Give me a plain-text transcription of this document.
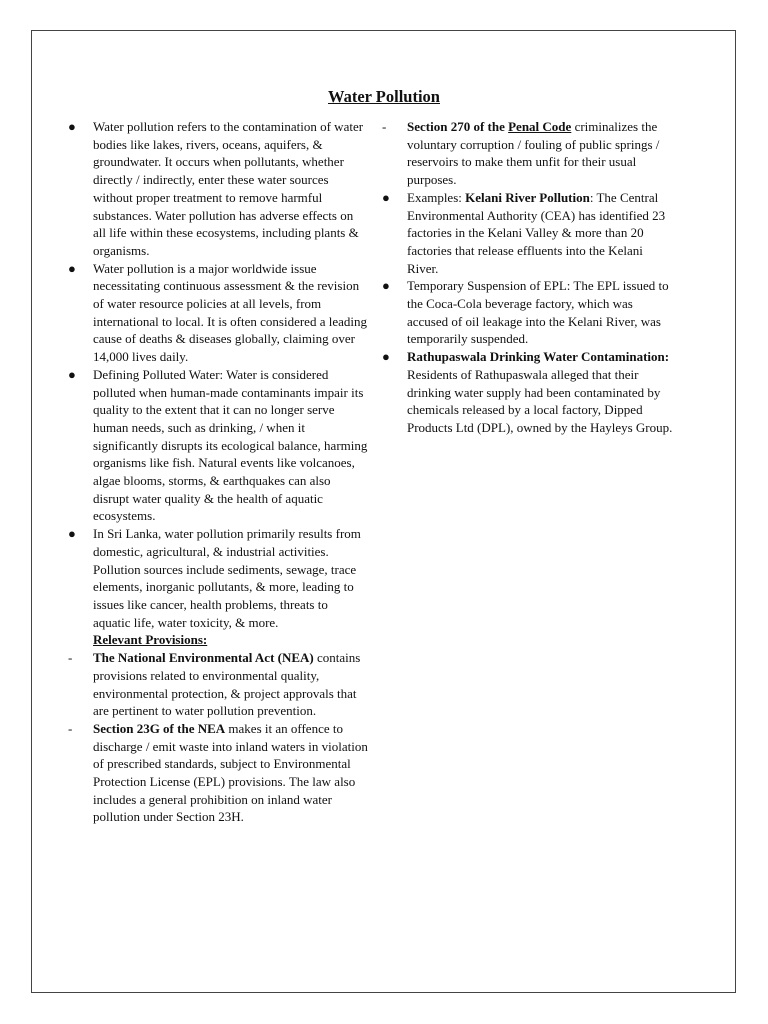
Water Pollution
●	Water pollution refers to the contamination of water bodies like lakes, rivers, oceans, aquifers, & groundwater. It occurs when pollutants, whether directly / indirectly, enter these water sources without proper treatment to remove harmful substances. Water pollution has adverse effects on all life within these ecosystems, including plants & organisms.
●	Water pollution is a major worldwide issue necessitating continuous assessment & the revision of water resource policies at all levels, from international to local. It is often considered a leading cause of deaths & diseases globally, claiming over 14,000 lives daily.
●	Defining Polluted Water: Water is considered polluted when human-made contaminants impair its quality to the extent that it can no longer serve human needs, such as drinking, / when it significantly disrupts its ecological balance, harming organisms like fish. Natural events like volcanoes, algae blooms, storms, & earthquakes can also disrupt water quality & the health of aquatic ecosystems.
●	In Sri Lanka, water pollution primarily results from domestic, agricultural, & industrial activities. Pollution sources include sediments, sewage, trace elements, inorganic pollutants, & more, leading to issues like cancer, health problems, threats to aquatic life, water toxicity, & more.
Relevant Provisions:
-	The National Environmental Act (NEA) contains provisions related to environmental quality, environmental protection, & project approvals that are pertinent to water pollution prevention.
-	Section 23G of the NEA makes it an offence to discharge / emit waste into inland waters in violation of prescribed standards, subject to Environmental Protection License (EPL) provisions. The law also includes a general prohibition on inland water pollution under Section 23H.
-	Section 270 of the Penal Code criminalizes the voluntary corruption / fouling of public springs / reservoirs to make them unfit for their usual purposes.
●	Examples: Kelani River Pollution: The Central Environmental Authority (CEA) has identified 23 factories in the Kelani Valley & more than 20 factories that release effluents into the Kelani River.
●	Temporary Suspension of EPL: The EPL issued to the Coca-Cola beverage factory, which was accused of oil leakage into the Kelani River, was temporarily suspended.
●	Rathupaswala Drinking Water Contamination: Residents of Rathupaswala alleged that their drinking water supply had been contaminated by chemicals released by a local factory, Dipped Products Ltd (DPL), owned by the Hayleys Group.
